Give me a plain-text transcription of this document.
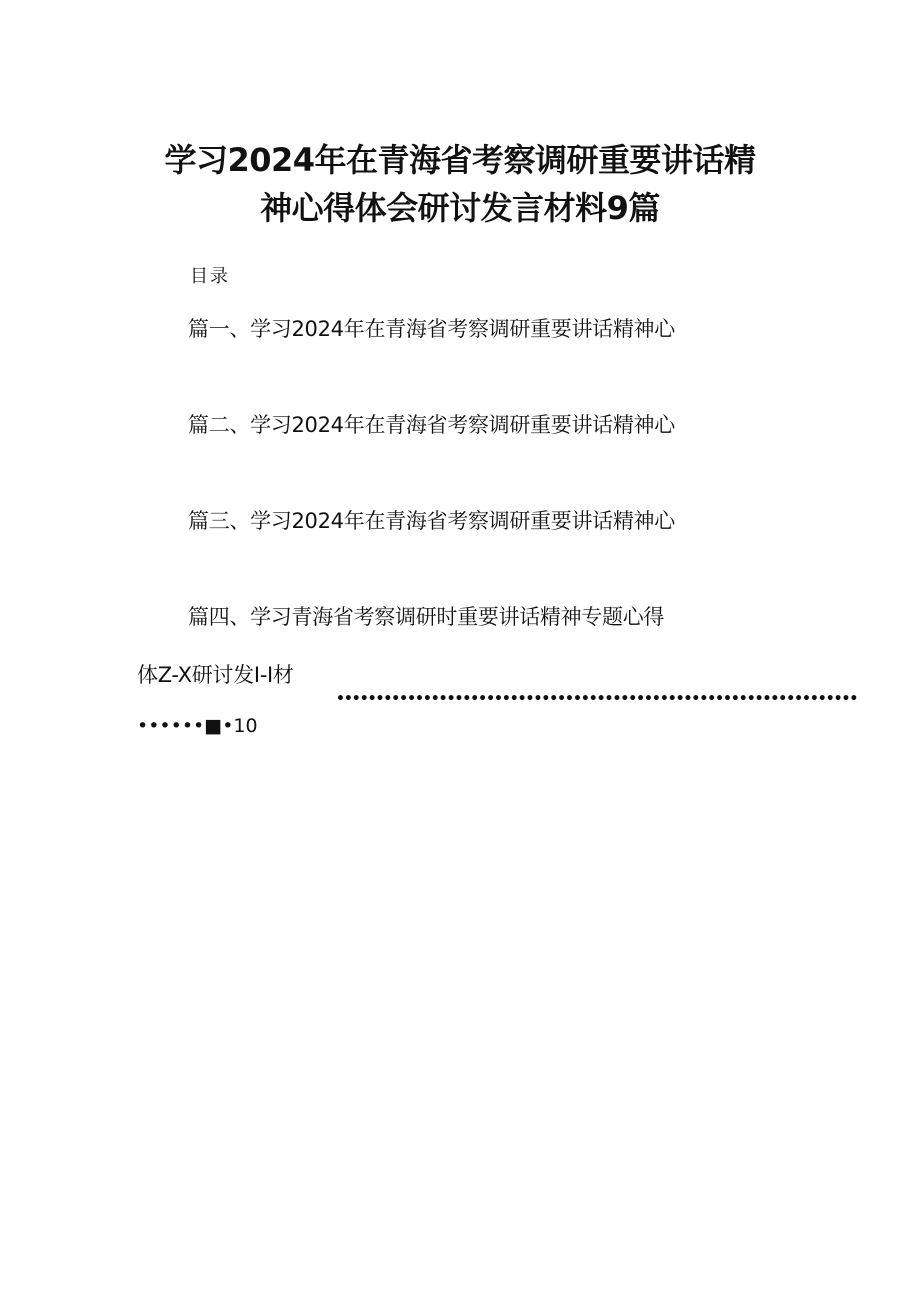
学习2024年在青海省考察调研重要讲话精
神心得体会研讨发言材料9篇
目录
篇一、学习2024年在青海省考察调研重要讲话精神心
篇二、学习2024年在青海省考察调研重要讲话精神心
篇三、学习2024年在青海省考察调研重要讲话精神心
篇四、学习青海省考察调研时重要讲话精神专题心得
体Z-X研讨发I-I材
••••••••••••••••••••••••••••••••••••••••••••••••••••••••••••••••••
••••••■•10
